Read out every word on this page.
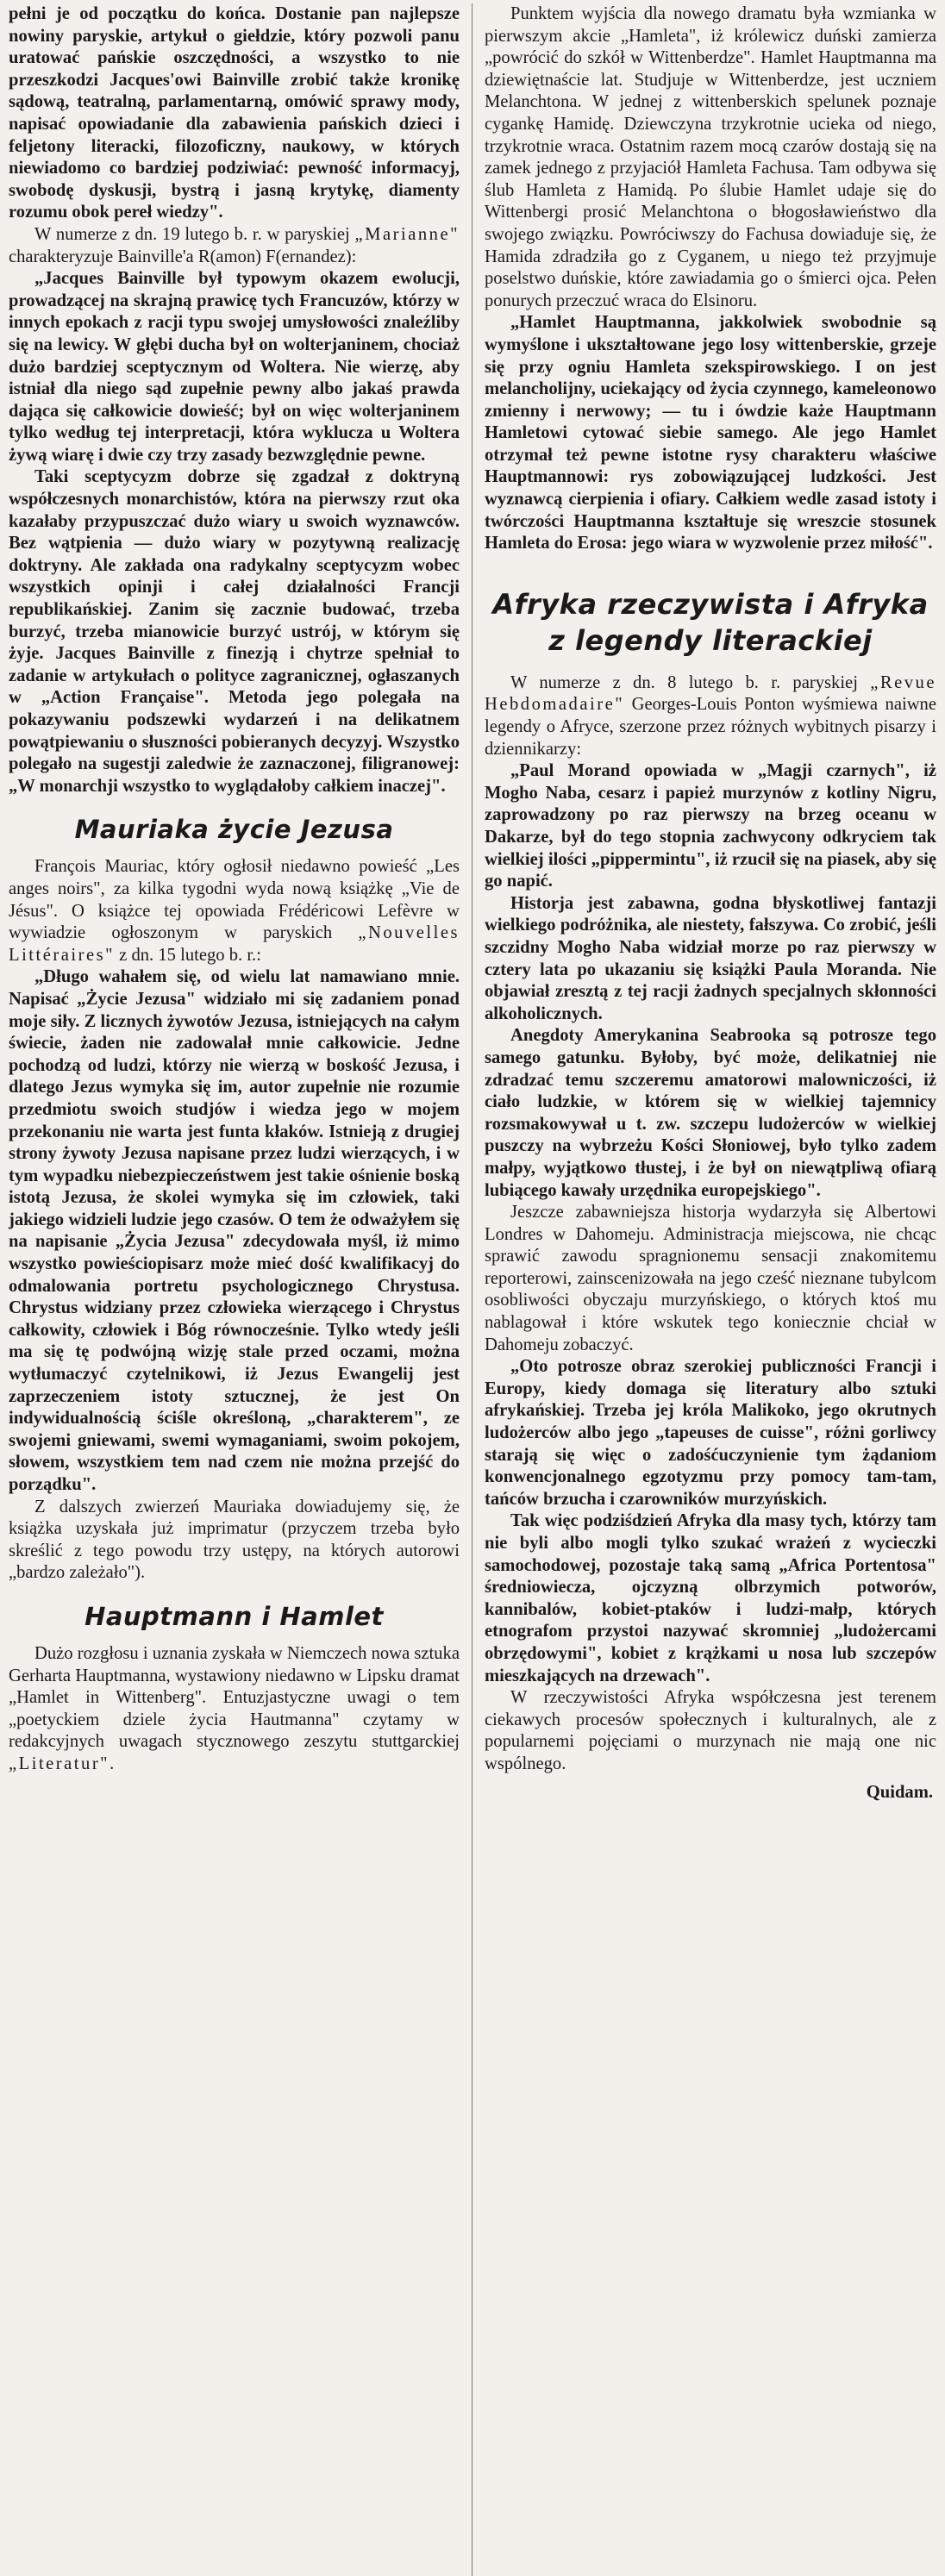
pełni je od początku do końca. Dostanie pan najlepsze nowiny paryskie, artykuł o giełdzie, który pozwoli panu uratować pańskie oszczędności, a wszystko to nie przeszkodzi Jacques'owi Bainville zrobić także kronikę sądową, teatralną, parlamentarną, omówić sprawy mody, napisać opowiadanie dla zabawienia pańskich dzieci i feljetony literacki, filozoficzny, naukowy, w których niewiadomo co bardziej podziwiać: pewność informacyj, swobodę dyskusji, bystrą i jasną krytykę, diamenty rozumu obok pereł wiedzy".

W numerze z dn. 19 lutego b. r. w paryskiej „Marianne" charakteryzuje Bainville'a R(amon) F(ernandez):

„Jacques Bainville był typowym okazem ewolucji, prowadzącej na skrajną prawicę tych Francuzów, którzy w innych epokach z racji typu swojej umysłowości znaleźliby się na lewicy. W głębi ducha był on wolterjaninem, chociaż dużo bardziej sceptycznym od Woltera. Nie wierzę, aby istniał dla niego sąd zupełnie pewny albo jakaś prawda dająca się całkowicie dowieść; był on więc wolterjaninem tylko według tej interpretacji, która wyklucza u Woltera żywą wiarę i dwie czy trzy zasady bezwzględnie pewne.

Taki sceptycyzm dobrze się zgadzał z doktryną współczesnych monarchistów, która na pierwszy rzut oka kazałaby przypuszczać dużo wiary u swoich wyznawców. Bez wątpienia — dużo wiary w pozytywną realizację doktryny. Ale zakłada ona radykalny sceptycyzm wobec wszystkich opinji i całej działalności Francji republikańskiej. Zanim się zacznie budować, trzeba burzyć, trzeba mianowicie burzyć ustrój, w którym się żyje. Jacques Bainville z finezją i chytrze spełniał to zadanie w artykułach o polityce zagranicznej, ogłaszanych w „Action Française". Metoda jego polegała na pokazywaniu podszewki wydarzeń i na delikatnem powątpiewaniu o słuszności pobieranych decyzyj. Wszystko polegało na sugestji zaledwie że zaznaczonej, filigranowej: „W monarchji wszystko to wyglądałoby całkiem inaczej".

Mauriaka życie Jezusa

François Mauriac, który ogłosił niedawno powieść „Les anges noirs", za kilka tygodni wyda nową książkę „Vie de Jésus". O książce tej opowiada Frédéricowi Lefèvre w wywiadzie ogłoszonym w paryskich „Nouvelles Littéraires" z dn. 15 lutego b. r.:

„Długo wahałem się, od wielu lat namawiano mnie. Napisać „Życie Jezusa" widziało mi się zadaniem ponad moje siły. Z licznych żywotów Jezusa, istniejących na całym świecie, żaden nie zadowalał mnie całkowicie. Jedne pochodzą od ludzi, którzy nie wierzą w boskość Jezusa, i dlatego Jezus wymyka się im, autor zupełnie nie rozumie przedmiotu swoich studjów i wiedza jego w mojem przekonaniu nie warta jest funta kłaków. Istnieją z drugiej strony żywoty Jezusa napisane przez ludzi wierzących, i w tym wypadku niebezpieczeństwem jest takie ośnienie boską istotą Jezusa, że skolei wymyka się im człowiek, taki jakiego widzieli ludzie jego czasów. O tem że odważyłem się na napisanie „Życia Jezusa" zdecydowała myśl, iż mimo wszystko powieściopisarz może mieć dość kwalifikacyj do odmalowania portretu psychologicznego Chrystusa. Chrystus widziany przez człowieka wierzącego i Chrystus całkowity, człowiek i Bóg równocześnie. Tylko wtedy jeśli ma się tę podwójną wizję stale przed oczami, można wytłumaczyć czytelnikowi, iż Jezus Ewangelij jest zaprzeczeniem istoty sztucznej, że jest On indywidualnością ściśle określoną, „charakterem", ze swojemi gniewami, swemi wymaganiami, swoim pokojem, słowem, wszystkiem tem nad czem nie można przejść do porządku".

Z dalszych zwierzeń Mauriaka dowiadujemy się, że książka uzyskała już imprimatur (przyczem trzeba było skreślić z tego powodu trzy ustępy, na których autorowi „bardzo zależało").

Hauptmann i Hamlet

Dużo rozgłosu i uznania zyskała w Niemczech nowa sztuka Gerharta Hauptmanna, wystawiony niedawno w Lipsku dramat „Hamlet in Wittenberg". Entuzjastyczne uwagi o tem „poetyckiem dziele życia Hautmanna" czytamy w redakcyjnych uwagach stycznowego zeszytu stuttgarckiej „Literatur".

Punktem wyjścia dla nowego dramatu była wzmianka w pierwszym akcie „Hamleta", iż królewicz duński zamierza „powrócić do szkół w Wittenberdze". Hamlet Hauptmanna ma dziewiętnaście lat. Studjuje w Wittenberdze, jest uczniem Melanchtona. W jednej z wittenberskich spelunek poznaje cygankę Hamidę. Dziewczyna trzykrotnie ucieka od niego, trzykrotnie wraca. Ostatnim razem mocą czarów dostają się na zamek jednego z przyjaciół Hamleta Fachusa. Tam odbywa się ślub Hamleta z Hamidą. Po ślubie Hamlet udaje się do Wittenbergi prosić Melanchtona o błogosławieństwo dla swojego związku. Powróciwszy do Fachusa dowiaduje się, że Hamida zdradziła go z Cyganem, u niego też przyjmuje poselstwo duńskie, które zawiadamia go o śmierci ojca. Pełen ponurych przeczuć wraca do Elsinoru.

„Hamlet Hauptmanna, jakkolwiek swobodnie są wymyślone i ukształtowane jego losy wittenberskie, grzeje się przy ogniu Hamleta szekspirowskiego. I on jest melancholijny, uciekający od życia czynnego, kameleonowo zmienny i nerwowy; — tu i ówdzie każe Hauptmann Hamletowi cytować siebie samego. Ale jego Hamlet otrzymał też pewne istotne rysy charakteru właściwe Hauptmannowi: rys zobowiązującej ludzkości. Jest wyznawcą cierpienia i ofiary. Całkiem wedle zasad istoty i twórczości Hauptmanna kształtuje się wreszcie stosunek Hamleta do Erosa: jego wiara w wyzwolenie przez miłość".

Afryka rzeczywista i Afryka z legendy literackiej

W numerze z dn. 8 lutego b. r. paryskiej „Revue Hebdomadaire" Georges-Louis Ponton wyśmiewa naiwne legendy o Afryce, szerzone przez różnych wybitnych pisarzy i dziennikarzy:

„Paul Morand opowiada w „Magji czarnych", iż Mogho Naba, cesarz i papież murzynów z kotliny Nigru, zaprowadzony po raz pierwszy na brzeg oceanu w Dakarze, był do tego stopnia zachwycony odkryciem tak wielkiej ilości „pippermintu", iż rzucił się na piasek, aby się go napić.

Historja jest zabawna, godna błyskotliwej fantazji wielkiego podróżnika, ale niestety, fałszywa. Co zrobić, jeśli szczidny Mogho Naba widział morze po raz pierwszy w cztery lata po ukazaniu się książki Paula Moranda. Nie objawiał zresztą z tej racji żadnych specjalnych skłonności alkoholicznych.

Anegdoty Amerykanina Seabrooka są potrosze tego samego gatunku. Byłoby, być może, delikatniej nie zdradzać temu szczeremu amatorowi malowniczości, iż ciało ludzkie, w którem się w wielkiej tajemnicy rozsmakowywał u t. zw. szczepu ludożerców w wielkiej puszczy na wybrzeżu Kości Słoniowej, było tylko zadem małpy, wyjątkowo tłustej, i że był on niewątpliwą ofiarą lubiącego kawały urzędnika europejskiego".

Jeszcze zabawniejsza historja wydarzyła się Albertowi Londres w Dahomeju. Administracja miejscowa, nie chcąc sprawić zawodu spragnionemu sensacji znakomitemu reporterowi, zainscenizowała na jego cześć nieznane tubylcom osobliwości obyczaju murzyńskiego, o których ktoś mu nablagował i które wskutek tego koniecznie chciał w Dahomeju zobaczyć.

„Oto potrosze obraz szerokiej publiczności Francji i Europy, kiedy domaga się literatury albo sztuki afrykańskiej. Trzeba jej króla Malikoko, jego okrutnych ludożerców albo jego „tapeuses de cuisse", różni gorliwcy starają się więc o zadośćuczynienie tym żądaniom konwencjonalnego egzotyzmu przy pomocy tam-tam, tańców brzucha i czarowników murzyńskich.

Tak więc podziśdzień Afryka dla masy tych, którzy tam nie byli albo mogli tylko szukać wrażeń z wycieczki samochodowej, pozostaje taką samą „Africa Portentosa" średniowiecza, ojczyzną olbrzymich potworów, kannibalów, kobiet-ptaków i ludzi-małp, których etnografom przystoi nazywać skromniej „ludożercami obrzędowymi", kobiet z krążkami u nosa lub szczepów mieszkających na drzewach".

W rzeczywistości Afryka współczesna jest terenem ciekawych procesów społecznych i kulturalnych, ale z popularnemi pojęciami o murzynach nie mają one nic wspólnego.

Quidam.
